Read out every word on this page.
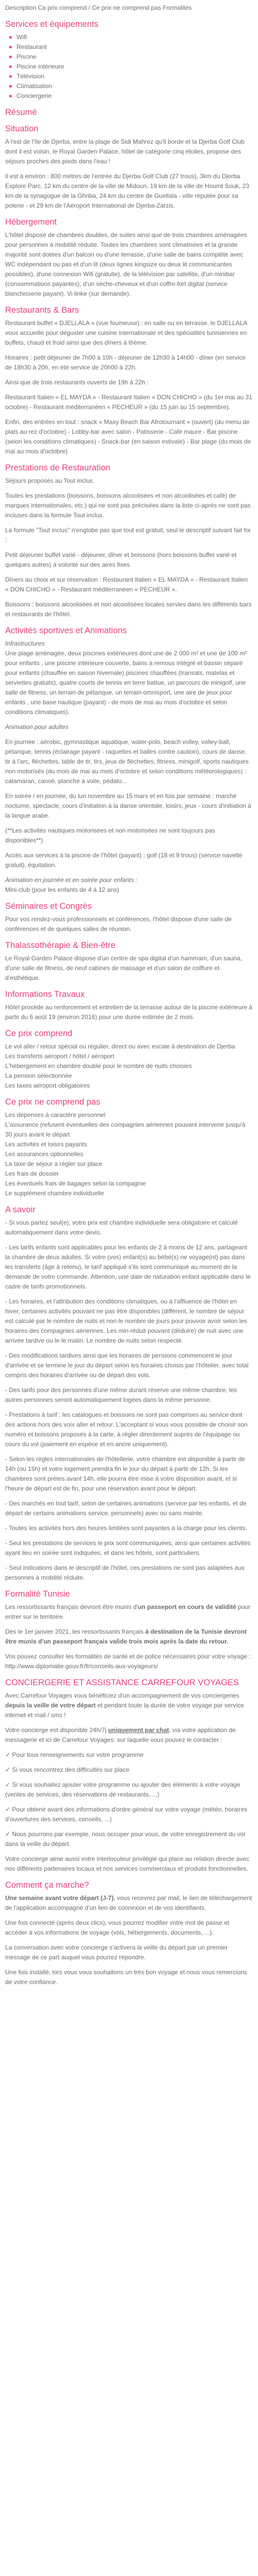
Description Ca prix comprend / Ce prix ne comprend pas Formalités

Services et équipements
Wifi
Restaurant
Piscine
Piscine intérieure
Télévision
Climatisation
Conciergerie
Résumé
Situation

A l'est de l'île de Djerba, entre la plage de Sidi Mahrez qu'il borde et la Djerba Golf Club dont il est voisin, le Royal Garden Palace, hôtel de catégorie cinq étoiles, propose des séjours proches des pieds dans l'eau !

Il est à environ : 800 mètres de l'entrée du Djerba Golf Club (27 trous), 3km du Djerba Explore Parc, 12 km du centre de la ville de Midoun, 19 km de la ville de Houmt Souk, 23 km de la synagogue de la Ghriba, 24 km du centre de Guellala - ville réputée pour sa poterie - et 29 km de l'Aéroport International de Djerba-Zarzis.

Hébergement

L'hôtel dispose de chambres doubles, de suites ainsi que de trois chambres aménagées pour personnes à mobilité réduite. Toutes les chambres sont climatisées et la grande majorité sont dotées d'un balcon ou d'une terrasse, d'une salle de bains complète avec WC indépendant ou pas et d'un lit (deux lignes kingsize ou deux lit communicantes possibles), d'une connexion Wifi (gratuite), de la télévision par satellite, d'un minibar (consommations payantes), d'un sèche-cheveux et d'un coffre-fort digital (service blanchisserie payant). Vi linke (sur demande).

Restaurants & Bars

Restaurant buffet « DJELLALA » (vue foumeuse) : en salle ou en terrasse, le DJELLALA vous accueille pour déguster une cuisine internationale et des spécialités tunisiennes en buffets, chaud et froid ainsi que des dîners à thème.

Horaires : petit déjeuner de 7h00 à 10h - déjeuner de 12h30 à 14h00 - dîner (en service de 18h30 à 20h, en été service de 20h00 à 22h.

Ainsi que de trois restaurants ouverts de 19h à 22h :

Restaurant Italien « EL MAYDA » - Restaurant Italien « DON CHICHO » (du 1er mai au 31 octobre) - Restaurant méditerranéen « PECHEUR » (du 15 juin au 15 septembre).

Enfin, des entrées en tout : snack « Maxy Beach Bar Afrotournant » (ouvert) (du menu de plats au rez d'octobre) - Lobby-bar avec salon - Patisserie - Café maure - Bar piscine (selon les conditions climatiques) - Snack-bar (en saison estivale) - Bar plage (du mois de mai au mois d'octobre)

Prestations de Restauration

Séjours proposés au Tout inclus.

Toutes les prestations (boissons, boissons alcoolisées et non alcoolisées et café) de marques internationales, etc.) qui ne sont pas précisées dans la liste ci-après ne sont pas incluses dans la formule Tout inclus.

La formule "Tout inclus" n'englobe pas que tout est gratuit, seul le descriptif suivant fait foi :

Petit déjeuner buffet varié - déjeuner, dîner et boissons (hors boissons buffet varié et quelques autres) à volonté sur des aires fixes

Dîners au choix et sur réservation : Restaurant Italien « EL MAYDA » - Restaurant Italien « DON CHICHO » - Restaurant méditerranéen « PECHEUR ».

Boissons : boissons alcoolisées et non alcoolisées locales servies dans les différents bars et restaurants de l'hôtel.

Activités sportives et Animations

Infrastructures

Une plage aménagée, deux piscines extérieures dont une de 2 000 m² et une de 100 m² pour enfants , une piscine intérieure couverte, bains à remous intégré et bassin séparé pour enfants (chauffée en saison hivernale) piscines chauffées (transats, matelas et serviettes gratuits), quatre courts de tennis en terre battue, un parcours de minigolf, une salle de fitness, un terrain de pétanque, un terrain omnisport, une aire de jeux pour enfants , une base nautique (payant) - de mois de mai au mois d'octobre et selon conditions climatiques).

Animation pour adultes

En journée : aérobic, gymnastique aquatique, water-polo, beach volley, volley-ball, pétanque, tennis (éclairage payant - raquettes et balles contre caution), cours de danse, tir à l'arc, fléchettes, table de tir, tirs, jeux de fléchettes, fitness, minigolf, sports nautiques non motorisés (du mois de mai au mois d'octobre et selon conditions météorologiques) : catamaran, canoë, planche à voile, pédalo...

En soirée / en journée, du lun novembre au 15 mars et en fois par semaine : marché nocturne, spectacle, cours d'initiation à la danse orientale, loisirs, jeux - cours d'initiation à la langue arabe.

(**Les activités nautiques motorisées et non motorisées ne sont toujours pas disponibles**)

Accès aux services à la piscine de l'hôtel (payant) ; golf (18 et 9 trous) (service navette gratuit), équitation.

Animation en journée et en soirée pour enfants :

Mini-club (pour les enfants de 4 à 12 ans)

Séminaires et Congrès

Pour vos rendez-vous professionnels et conférences, l'hôtel dispose d'une salle de conférences et de quelques salles de réunion.

Thalassothérapie & Bien-être

Le Royal Garden Palace dispose d'un centre de spa digital d'un hammam, d'un sauna, d'une salle de fitness, de neuf cabines de massage et d'un salon de coiffure et d'esthétique.

Informations Travaux

Hôtel procède au renforcement et entretien de la terrasse autour de la piscine extérieure à partir du 6 août 19 (environ 2016) pour une durée estimée de 2 mois.

Ce prix comprend

Le vol aller / retour spécial ou régulier, direct ou avec escale à destination de Djerba

Les transferts aéroport / hôtel / aéroport

L'hébergement en chambre double pour le nombre de nuits choisies

La pension sélectionnée

Les taxes aéroport obligatoires

Ce prix ne comprend pas

Les dépenses à caractère personnel

L'assurance (refusent éventuelles des compagnies aériennes pouvant intervenir jusqu'à 30 jours avant le départ

Les activités et loisirs payants

Les assurances optionnelles

La taxe de séjour à régler sur place

Les frais de dossier

Les éventuels frais de bagages selon la compagnie

Le supplément chambre individuelle

A savoir

- Si vous partez seul(e), votre prix est chambre individuelle sera obligatoire et calculé automatiquement dans votre devis.

- Les tarifs enfants sont applicables pour les enfants de 2 à moins de 12 ans, partageant la chambre de deux adultes. Si votre (vos) enfant(s) au bébé(s) ne voyage(nt) pas dans les transferts (âge à retenu), le tarif appliqué s'ils sont communiqué au moment de la demande de votre commande. Attention, une date de naturation enfant applicable dans le cadre de tarifs promotionnels.

- Les horaires, et l'attribution des conditions climatiques, ou à l'affluence de l'hôtel en hiver, certaines activités pouvant ne pas être disponibles (diffèrent, le nombre de séjour est calculé par le nombre de nuits et non le nombre de jours pour pouvoir avoir selon les horaires des compagnies aériennes. Les min-réduit pouvant (déduire) de nuit avec une arrivée tardive ou le le matin. Le nombre de nuits selon respecté.

- Des modifications tardives ainsi que les horaires de pensions commencent le jour d'arrivée et se termine le jour du départ selon les horaires choisis par l'hôtelier, avec total compris des horaires d'arrivée ou de départ des vols.

- Des tarifs pour des personnes d'une même durant réserve une même chambre, les autres personnes seront automatiquement logées dans la même personne.

- Prestations à tarif : les catalogues et boissons ne sont pas comprises au service dont des actions hors des voix aller et retour. L'acceptant si vous vous possible de choisir son numéro et boissons proposés à la carte, à régler directement auprès de l'équipage ou cours du vol (paiement en espèce et en ancre uniquement).

- Selon les règles internationales de l'hôtellerie, votre chambre est disponible à partir de 14h (ou 15h) et votre logement prendra fin le jour du départ à partir de 12h. Si les chambres sont prétes avant 14h, elle pourra être mise à votre disposition avant, et si l'heure de départ est de fin, pour une réservation avant pour le départ.

- Des marchés en tout tarif, selon de certaines animations (service par les enfants, et de départ de certains animations service, personnels) avec ou sans mainte.

- Toutes les activités hors des heures limitées sont payantes à la charge pour les clients.

- Seul les prestations de services le prix sont communiquées, ainsi que certaines activités ayant lieu en soirée sont indiquées, et dans les hôtels, sont particuliers.

- Seul indications dans le descriptif de l'hôtel, ces prestations ne sont pas adaptées aux personnes à mobilité réduite.

Formalité Tunisie

Les ressortissants français devront être munis d'un passeport en cours de validité pour entrer sur le territoire.

Dès le 1er janvier 2021, les ressortissants français à destination de la Tunisie devront être munis d'un passeport français valide trois mois après la date du retour.

Vos pouvez consulter les formalités de santé et de police nécessaires pour votre voyage : http://www.diplomatie.gouv.fr/fr/conseils-aux-voyageurs/

CONCIERGERIE ET ASSISTANCE CARREFOUR VOYAGES

Avec Carrefour Voyages vous bénéficiez d'un accompagnement de vos conciergeries depuis la veille de votre départ et pendant toute la durée de votre voyage par service internet et mail / sms !

Votre concierge est disponible 24h/7j uniquement par chat, via votre application de messagerie et ici de Carrefour Voyages: sur laquelle vous pouvez le contacter :

✓ Pour tous renseignements sur votre programme

✓ Si vous rencontrez des difficultés sur place

✓ Si vous souhaitez ajouter votre programme ou ajouter des éléments à votre voyage (ventes de services, des réservations de restaurants, ...)

✓ Pour obtenir avant des informations d'ordre général sur votre voyage (météo, horaires d'ouvertures des services, conseils, ...)

✓ Nous pourrons par exemple, nous occuper pour vous, de votre enregistrement du vol dans la veille du départ.

Votre concierge aime aussi votre interlocuteur privilégié qui place au relation directe avec nos différents partenaires locaux et nos services commerciaux et produits fonctionnelles.

Comment ça marche?

Une semaine avant votre départ (J-7), vous recevrez par mail, le lien de téléchargement de l'application accompagné d'un lien de connexion et de vos identifiants.

Une fois connecté (après deux clics), vous pourrez modifier votre mot de passe et accéder à vos informations de voyage (vols, hébergements, documents, ...).

La conversation avec votre concierge s'activera la veille du départ par un premier message de ce part auquel vous pourrez répondre.

Une fois installé, lors vous vous souhaitons un très bon voyage et nous vous remercions de votre confiance.
